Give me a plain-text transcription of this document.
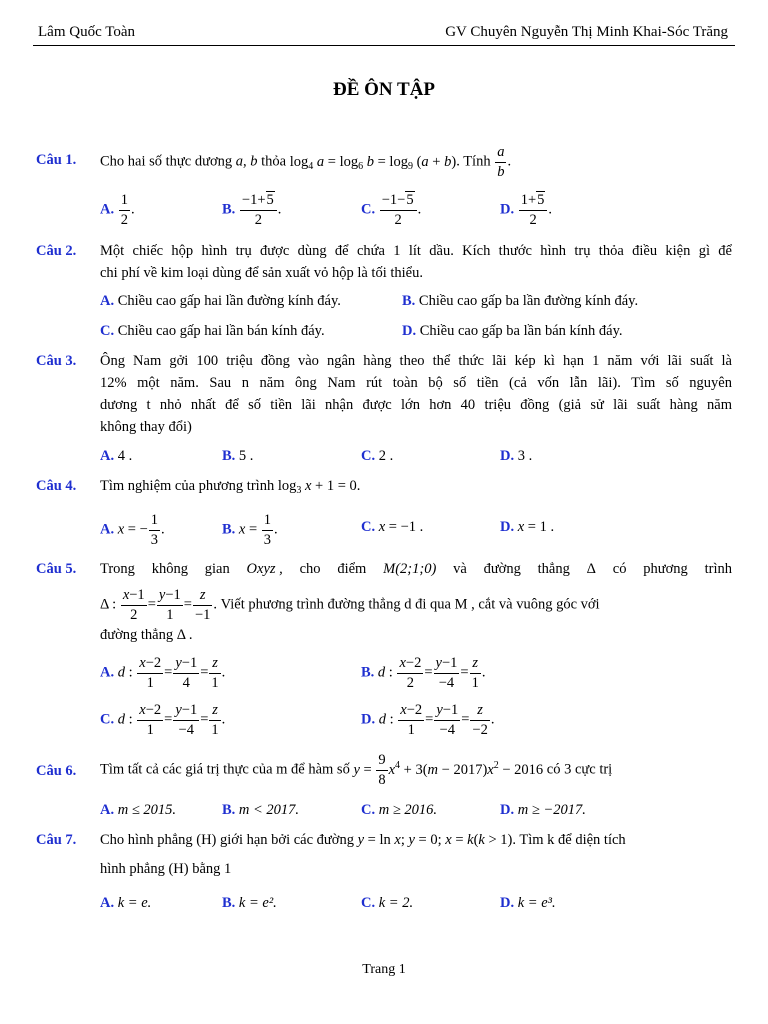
Lâm Quốc Toàn	GV Chuyên Nguyễn Thị Minh Khai-Sóc Trăng
ĐỀ ÔN TẬP
Câu 1. Cho hai số thực dương a, b thỏa $\log_4 a = \log_6 b = \log_9 (a + b)$. Tính $\frac{a}{b}$ .
A. $\frac{1}{2}$ .	B. $\frac{-1+5}{2}$ .	C. $\frac{-1-5}{2}$ .	D. $\frac{1+5}{2}$ .
Câu 2. Một chiếc hộp hình trụ được dùng để chứa 1 lít dầu. Kích thước hình trụ thỏa điều kiện gì để
chi phí về kim loại dùng để sản xuất vỏ hộp là tối thiểu.
A. Chiều cao gấp hai lần đường kính đáy.	B. Chiều cao gấp ba lần đường kính đáy.
C. Chiều cao gấp hai lần bán kính đáy.	D. Chiều cao gấp ba lần bán kính đáy.
Câu 3. Ông Nam gởi 100 triệu đồng vào ngân hàng theo thể thức lãi kép kì hạn 1 năm với lãi suất là
12% một năm. Sau n năm ông Nam rút toàn bộ số tiền (cả vốn lẫn lãi). Tìm số nguyên
dương t nhỏ nhất để số tiền lãi nhận được lớn hơn 40 triệu đồng (giả sử lãi suất hàng năm
không thay đổi)
A. 4 .	B. 5 .	C. 2 .	D. 3 .
Câu 4. Tìm nghiệm của phương trình $\log_3 x + 1 = 0$.
A. x = − $\frac{1}{3}$ .	B. $x = \frac{1}{3}$ .	C. x = −1 .	D. x = 1 .
Câu 5. Trong không gian Oxyz , cho điểm M(2;1;0) và đường thẳng Δ có phương trình
Δ : $\frac{x-1}{2} = \frac{y-1}{1} = \frac{z}{-1}$ . Viết phương trình đường thẳng d đi qua M , cắt và vuông góc với
đường thẳng Δ .
A. d : $\frac{x-2}{1} = \frac{y-1}{4} = \frac{z}{1}$ .	B. d : $\frac{x-2}{2} = \frac{y-1}{-4} = \frac{z}{1}$ .
C. d : $\frac{x-2}{1} = \frac{y-1}{-4} = \frac{z}{1}$ .	D. d : $\frac{x-2}{1} = \frac{y-1}{-4} = \frac{z}{-2}$ .
Câu 6. Tìm tất cả các giá trị thực của m để hàm số $y = \frac{9}{8} x^4 + 3(m - 2017)x^2 - 2016$ có 3 cực trị
A. m ≤ 2015.	B. m < 2017.	C. m ≥ 2016.	D. m ≥ −2017.
Câu 7. Cho hình phẳng (H) giới hạn bởi các đường y = ln x; y = 0; x = k(k > 1). Tìm k để diện tích
hình phẳng (H) bằng 1
A. k = e.	B. k = e².	C. k = 2.	D. k = e³.
Trang 1
